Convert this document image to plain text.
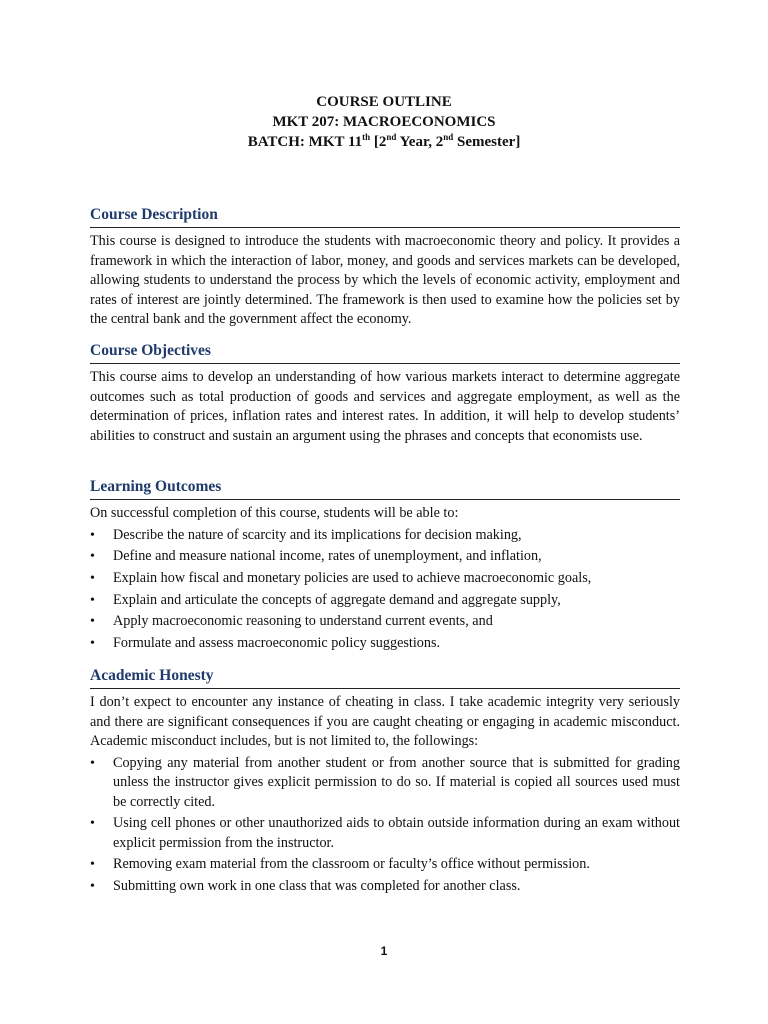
COURSE OUTLINE
MKT 207: MACROECONOMICS
BATCH: MKT 11th [2nd Year, 2nd Semester]
Course Description

This course is designed to introduce the students with macroeconomic theory and policy. It provides a framework in which the interaction of labor, money, and goods and services markets can be developed, allowing students to understand the process by which the levels of economic activity, employment and rates of interest are jointly determined. The framework is then used to examine how the policies set by the central bank and the government affect the economy.

Course Objectives

This course aims to develop an understanding of how various markets interact to determine aggregate outcomes such as total production of goods and services and aggregate employment, as well as the determination of prices, inflation rates and interest rates. In addition, it will help to develop students’ abilities to construct and sustain an argument using the phrases and concepts that economists use.

Learning Outcomes

On successful completion of this course, students will be able to:

• Describe the nature of scarcity and its implications for decision making,
• Define and measure national income, rates of unemployment, and inflation,
• Explain how fiscal and monetary policies are used to achieve macroeconomic goals,
• Explain and articulate the concepts of aggregate demand and aggregate supply,
• Apply macroeconomic reasoning to understand current events, and
• Formulate and assess macroeconomic policy suggestions.
Academic Honesty

I don’t expect to encounter any instance of cheating in class. I take academic integrity very seriously and there are significant consequences if you are caught cheating or engaging in academic misconduct. Academic misconduct includes, but is not limited to, the followings:

• Copying any material from another student or from another source that is submitted for grading unless the instructor gives explicit permission to do so. If material is copied all sources used must be correctly cited.
• Using cell phones or other unauthorized aids to obtain outside information during an exam without explicit permission from the instructor.
• Removing exam material from the classroom or faculty’s office without permission.
• Submitting own work in one class that was completed for another class.
1
